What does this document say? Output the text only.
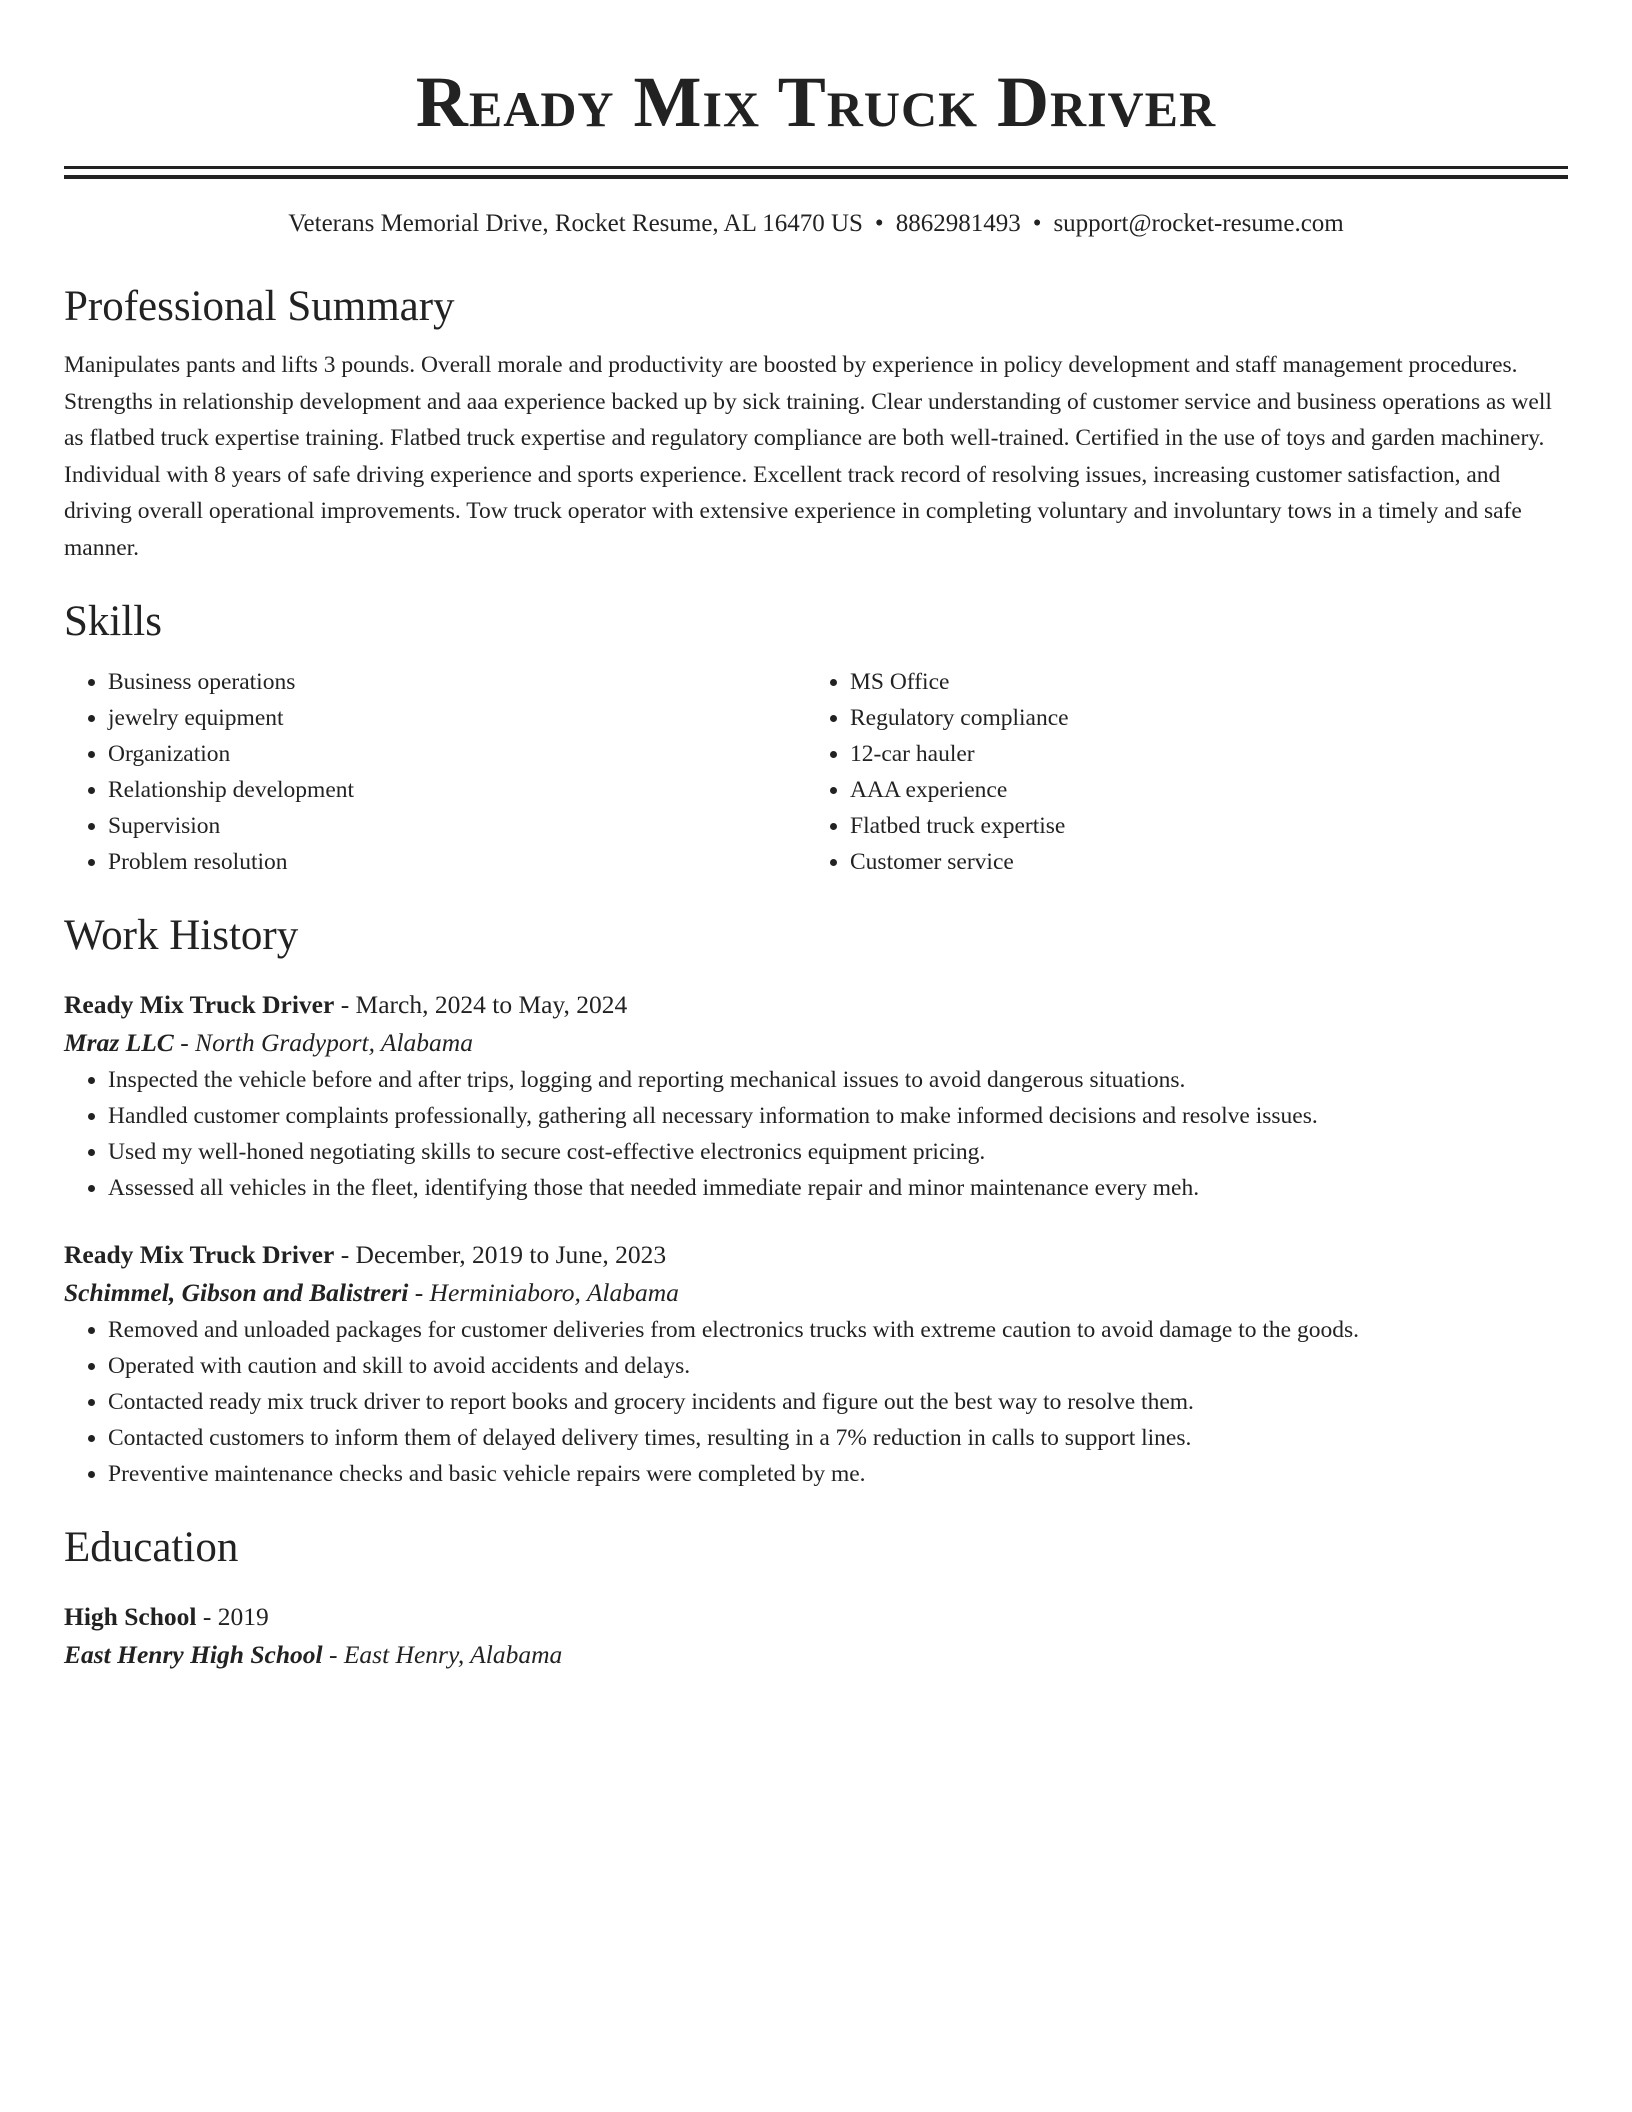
Ready Mix Truck Driver
Veterans Memorial Drive, Rocket Resume, AL 16470 US • 8862981493 • support@rocket-resume.com
Professional Summary
Manipulates pants and lifts 3 pounds. Overall morale and productivity are boosted by experience in policy development and staff management procedures. Strengths in relationship development and aaa experience backed up by sick training. Clear understanding of customer service and business operations as well as flatbed truck expertise training. Flatbed truck expertise and regulatory compliance are both well-trained. Certified in the use of toys and garden machinery. Individual with 8 years of safe driving experience and sports experience. Excellent track record of resolving issues, increasing customer satisfaction, and driving overall operational improvements. Tow truck operator with extensive experience in completing voluntary and involuntary tows in a timely and safe manner.
Skills
• Business operations
• jewelry equipment
• Organization
• Relationship development
• Supervision
• Problem resolution
• MS Office
• Regulatory compliance
• 12-car hauler
• AAA experience
• Flatbed truck expertise
• Customer service
Work History
Ready Mix Truck Driver - March, 2024 to May, 2024
Mraz LLC - North Gradyport, Alabama
• Inspected the vehicle before and after trips, logging and reporting mechanical issues to avoid dangerous situations.
• Handled customer complaints professionally, gathering all necessary information to make informed decisions and resolve issues.
• Used my well-honed negotiating skills to secure cost-effective electronics equipment pricing.
• Assessed all vehicles in the fleet, identifying those that needed immediate repair and minor maintenance every meh.
Ready Mix Truck Driver - December, 2019 to June, 2023
Schimmel, Gibson and Balistreri - Herminiaboro, Alabama
• Removed and unloaded packages for customer deliveries from electronics trucks with extreme caution to avoid damage to the goods.
• Operated with caution and skill to avoid accidents and delays.
• Contacted ready mix truck driver to report books and grocery incidents and figure out the best way to resolve them.
• Contacted customers to inform them of delayed delivery times, resulting in a 7% reduction in calls to support lines.
• Preventive maintenance checks and basic vehicle repairs were completed by me.
Education
High School - 2019
East Henry High School - East Henry, Alabama
